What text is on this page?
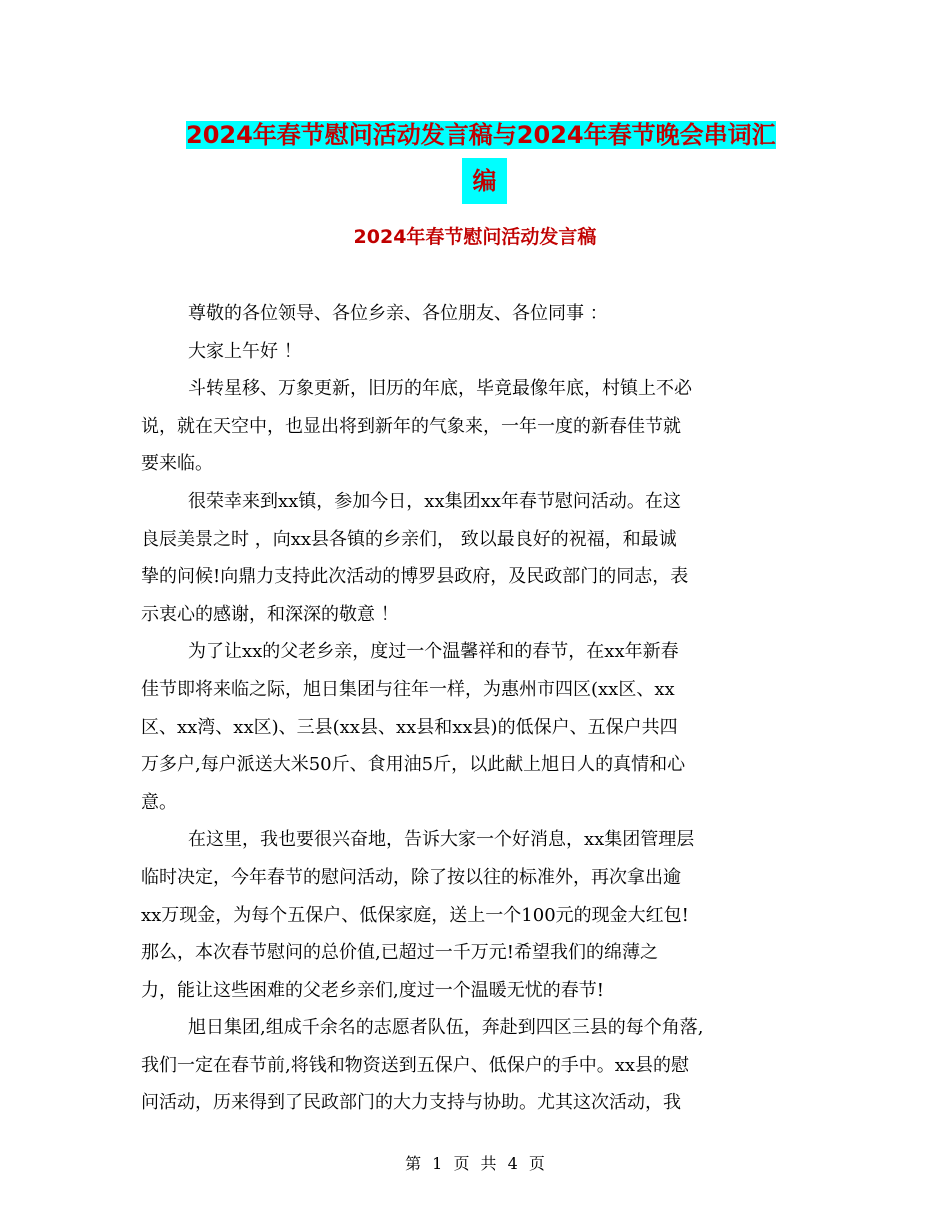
2024年春节慰问活动发言稿与2024年春节晚会串词汇
编
2024年春节慰问活动发言稿
尊敬的各位领导、各位乡亲、各位朋友、各位同事 ：
大家上午好 ！
斗转星移、万象更新，旧历的年底，毕竟最像年底，村镇上不必
说，就在天空中，也显出将到新年的气象来，一年一度的新春佳节就
要来临。
很荣幸来到xx镇，参加今日，xx集团xx年春节慰问活动。在这
良辰美景之时 ，向xx县各镇的乡亲们， 致以最良好的祝福，和最诚
挚的问候!向鼎力支持此次活动的博罗县政府，及民政部门的同志，表
示衷心的感谢，和深深的敬意 ！
为了让xx的父老乡亲，度过一个温馨祥和的春节，在xx年新春
佳节即将来临之际，旭日集团与往年一样，为惠州市四区(xx区、xx
区、xx湾、xx区)、三县(xx县、xx县和xx县)的低保户、五保户共四
万多户,每户派送大米50斤、食用油5斤，以此献上旭日人的真情和心
意。
在这里，我也要很兴奋地，告诉大家一个好消息，xx集团管理层
临时决定，今年春节的慰问活动，除了按以往的标准外，再次拿出逾
xx万现金，为每个五保户、低保家庭，送上一个100元的现金大红包!
那么，本次春节慰问的总价值,已超过一千万元!希望我们的绵薄之
力，能让这些困难的父老乡亲们,度过一个温暖无忧的春节!
旭日集团,组成千余名的志愿者队伍，奔赴到四区三县的每个角落,
我们一定在春节前,将钱和物资送到五保户、低保户的手中。xx县的慰
问活动，历来得到了民政部门的大力支持与协助。尤其这次活动，我
第 1 页 共 4 页
